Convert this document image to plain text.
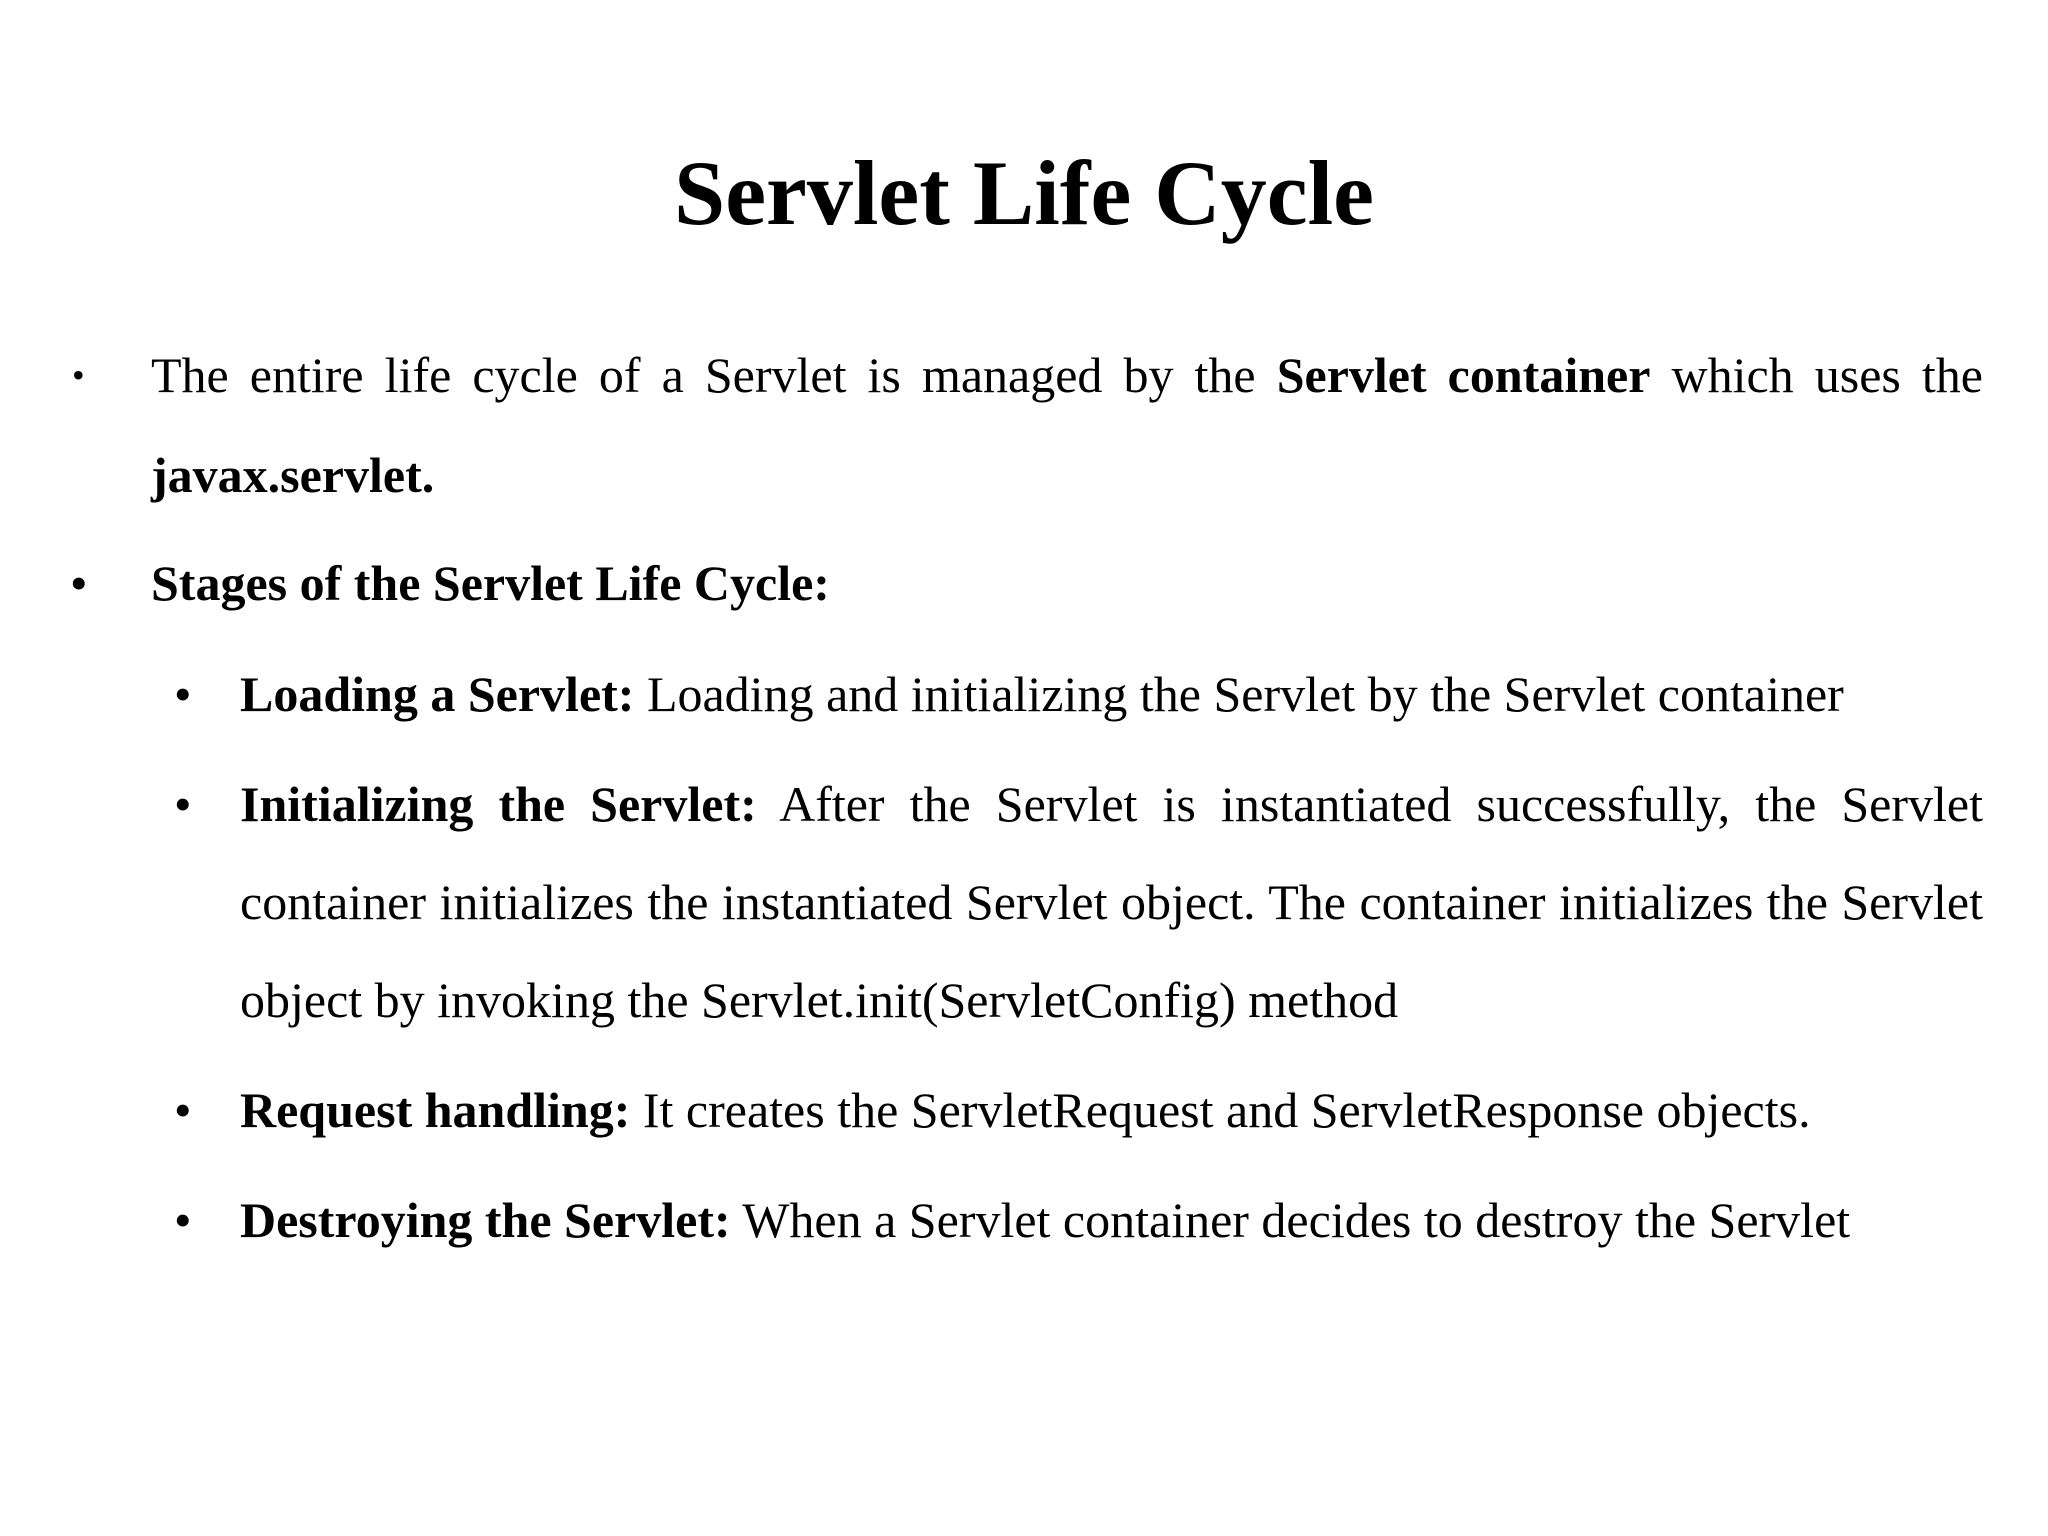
Servlet Life Cycle
• The entire life cycle of a Servlet is managed by the Servlet container which uses the javax.servlet.
• Stages of the Servlet Life Cycle:
• Loading a Servlet: Loading and initializing the Servlet by the Servlet container
• Initializing the Servlet: After the Servlet is instantiated successfully, the Servlet container initializes the instantiated Servlet object. The container initializes the Servlet object by invoking the Servlet.init(ServletConfig) method
• Request handling: It creates the ServletRequest and ServletResponse objects.
• Destroying the Servlet: When a Servlet container decides to destroy the Servlet
